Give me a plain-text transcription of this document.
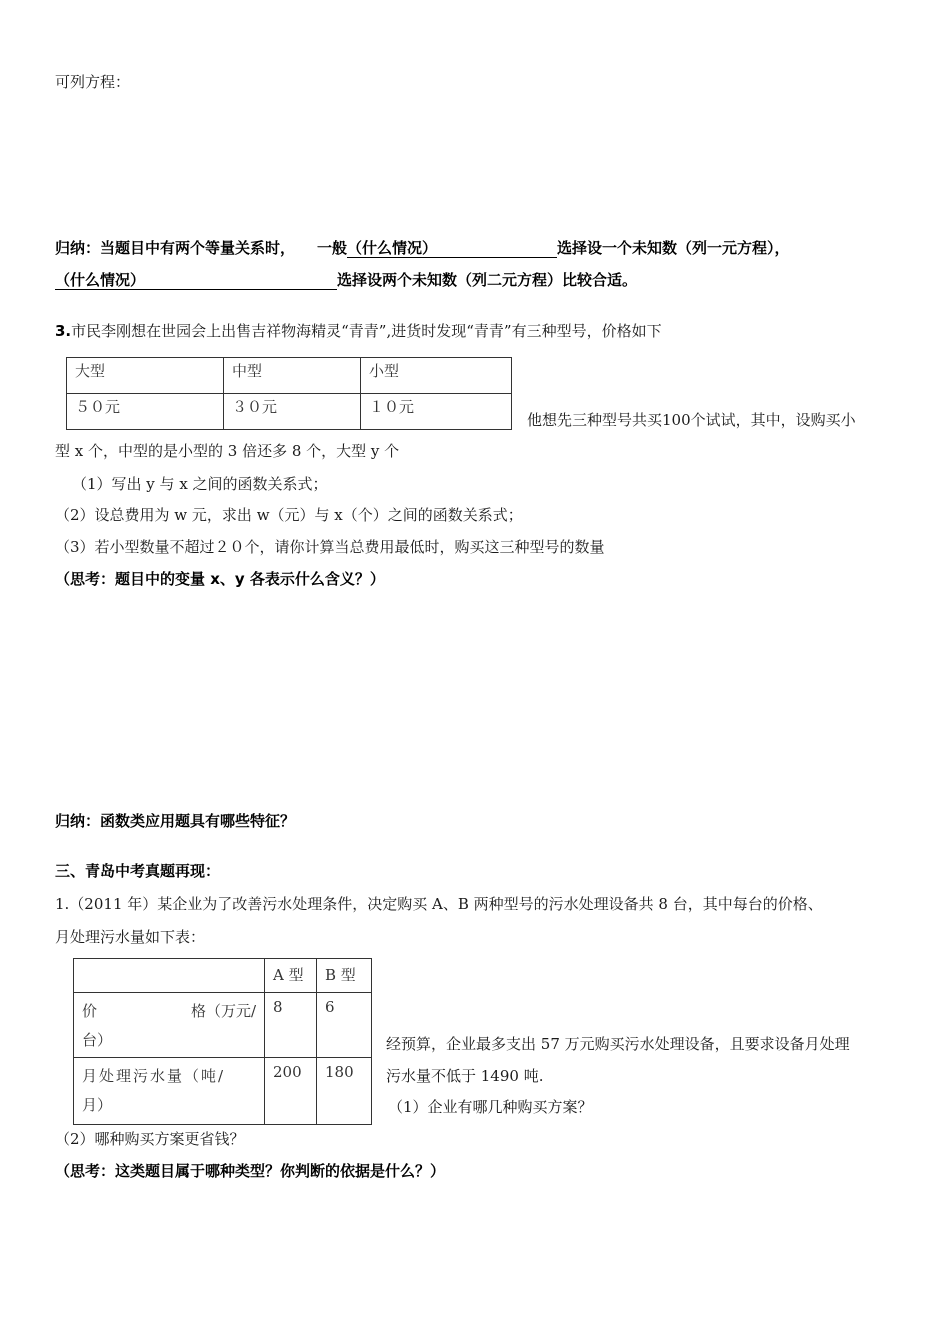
可列方程：
归纳：当题目中有两个等量关系时， 一般（什么情况）	选择设一个未知数（列一元方程），
（什么情况）	选择设两个未知数（列二元方程）比较合适。
3.市民李刚想在世园会上出售吉祥物海精灵“青青”,进货时发现“青青”有三种型号，价格如下
大型	中型	小型
５０元	３０元	１０元
他想先三种型号共买100个试试，其中，设购买小
型 x 个，中型的是小型的 3 倍还多 8 个，大型 y 个
（1）写出 y 与 x 之间的函数关系式；
（2）设总费用为 w 元，求出 w（元）与 x（个）之间的函数关系式；
（3）若小型数量不超过２０个，请你计算当总费用最低时，购买这三种型号的数量
（思考：题目中的变量 x、y 各表示什么含义？）
归纳：函数类应用题具有哪些特征？
三、青岛中考真题再现：
1.（2011 年）某企业为了改善污水处理条件，决定购买 A、B 两种型号的污水处理设备共 8 台，其中每台的价格、
月处理污水量如下表：
	A 型	B 型

价 格（万元/
台）	8	6

月处理污水量（吨/
月）	200	180
经预算，企业最多支出 57 万元购买污水处理设备，且要求设备月处理
污水量不低于 1490 吨.
（1）企业有哪几种购买方案？
（2）哪种购买方案更省钱？
（思考：这类题目属于哪种类型？你判断的依据是什么？）
